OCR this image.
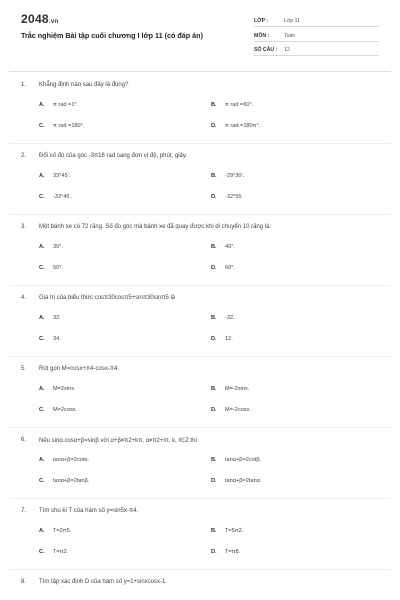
2048.vn
Trắc nghiệm Bài tập cuối chương I lớp 11 (có đáp án)
LỚP :	Lớp 11
MÔN :	Toán
SỐ CÂU : 12
1. Khẳng định nào sau đây là đúng?
A. π rad =1°.	B. π rad =60°.
C. π rad =180°.	D. π rad =180π°.
2. Đổi số đo của góc -3π16 rad sang đơn vị độ, phút, giây.
A. 33°45'.	B. -29°30'.
C. -33°45'.	D. -32°55.
3. Một bánh xe có 72 răng. Số đo góc mà bánh xe đã quay được khi di chuyển 10 răng là:
A. 30°.	B. 40°.
C. 50°.	D. 60°.
4. Giá trị của biểu thức cosπ30cosπ5+sinπ30sinπ5 là
A. 32.	B. -32.
C. 34.	D. 12.
5. Rút gọn M=cosx+π4-cosx-π4.
A. M=2sinx.	B. M=-2sinx.
C. M=2cosx.	D. M=-2cosx.
6. Nếu sinα.cosα+β=sinβ với α+β≠π2+kπ, α≠π2+lπ, k, l∈Z thì
A. tanα+β=2cotα.	B. tanα+β=2cotβ.
C. tanα+β=2tanβ.	D. tanα+β=2tanα.
7. Tìm chu kì T của hàm số y=sin5x-π4.
A. T=2π5.	B. T=5π2.
C. T=π2.	D. T=π8.
8. Tìm tập xác định D của hàm số y=1+sinxcosx-1.
